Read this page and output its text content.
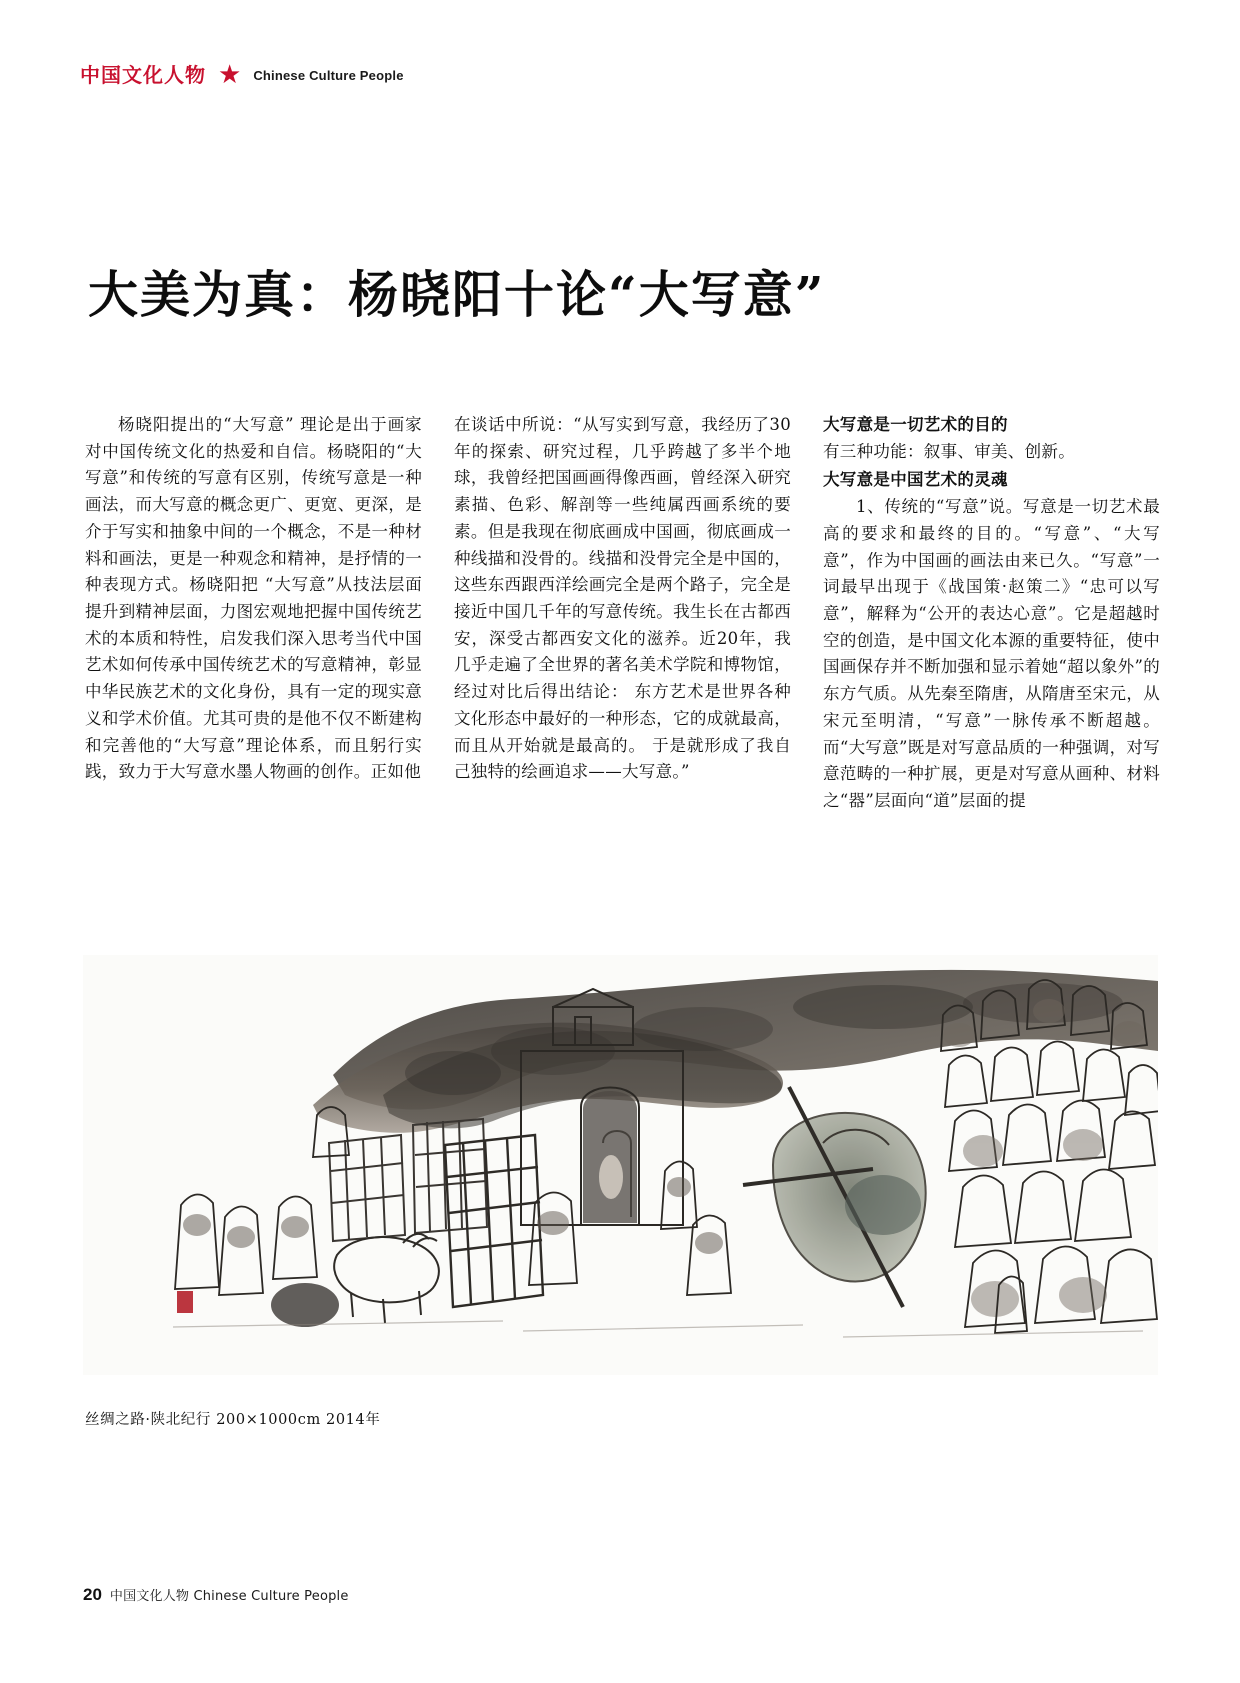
中国文化人物 ★ Chinese Culture People
大美为真：杨晓阳十论“大写意”

杨晓阳提出的“大写意” 理论是出于画家对中国传统文化的热爱和自信。杨晓阳的“大写意”和传统的写意有区别，传统写意是一种画法，而大写意的概念更广、更宽、更深，是介于写实和抽象中间的一个概念，不是一种材料和画法，更是一种观念和精神，是抒情的一种表现方式。杨晓阳把 “大写意”从技法层面提升到精神层面，力图宏观地把握中国传统艺术的本质和特性，启发我们深入思考当代中国艺术如何传承中国传统艺术的写意精神，彰显中华民族艺术的文化身份，具有一定的现实意义和学术价值。尤其可贵的是他不仅不断建构和完善他的“大写意”理论体系，而且躬行实践，致力于大写意水墨人物画的创作。正如他

在谈话中所说：“从写实到写意，我经历了30年的探索、研究过程，几乎跨越了多半个地球，我曾经把国画画得像西画，曾经深入研究素描、色彩、解剖等一些纯属西画系统的要素。但是我现在彻底画成中国画，彻底画成一种线描和没骨的。线描和没骨完全是中国的，这些东西跟西洋绘画完全是两个路子，完全是接近中国几千年的写意传统。我生长在古都西安，深受古都西安文化的滋养。近20年，我几乎走遍了全世界的著名美术学院和博物馆，经过对比后得出结论： 东方艺术是世界各种文化形态中最好的一种形态，它的成就最高，而且从开始就是最高的。 于是就形成了我自己独特的绘画追求——大写意。”

大写意是一切艺术的目的

有三种功能：叙事、审美、创新。

大写意是中国艺术的灵魂

1、传统的“写意”说。写意是一切艺术最高的要求和最终的目的。“写意”、“大写意”，作为中国画的画法由来已久。“写意”一词最早出现于《战国策·赵策二》“忠可以写意”，解释为“公开的表达心意”。它是超越时空的创造，是中国文化本源的重要特征，使中国画保存并不断加强和显示着她“超以象外”的东方气质。从先秦至隋唐，从隋唐至宋元，从宋元至明清，“写意”一脉传承不断超越。而“大写意”既是对写意品质的一种强调，对写意范畴的一种扩展，更是对写意从画种、材料之“器”层面向“道”层面的提

丝绸之路·陕北纪行 200×1000cm 2014年
20 中国文化人物 Chinese Culture People
